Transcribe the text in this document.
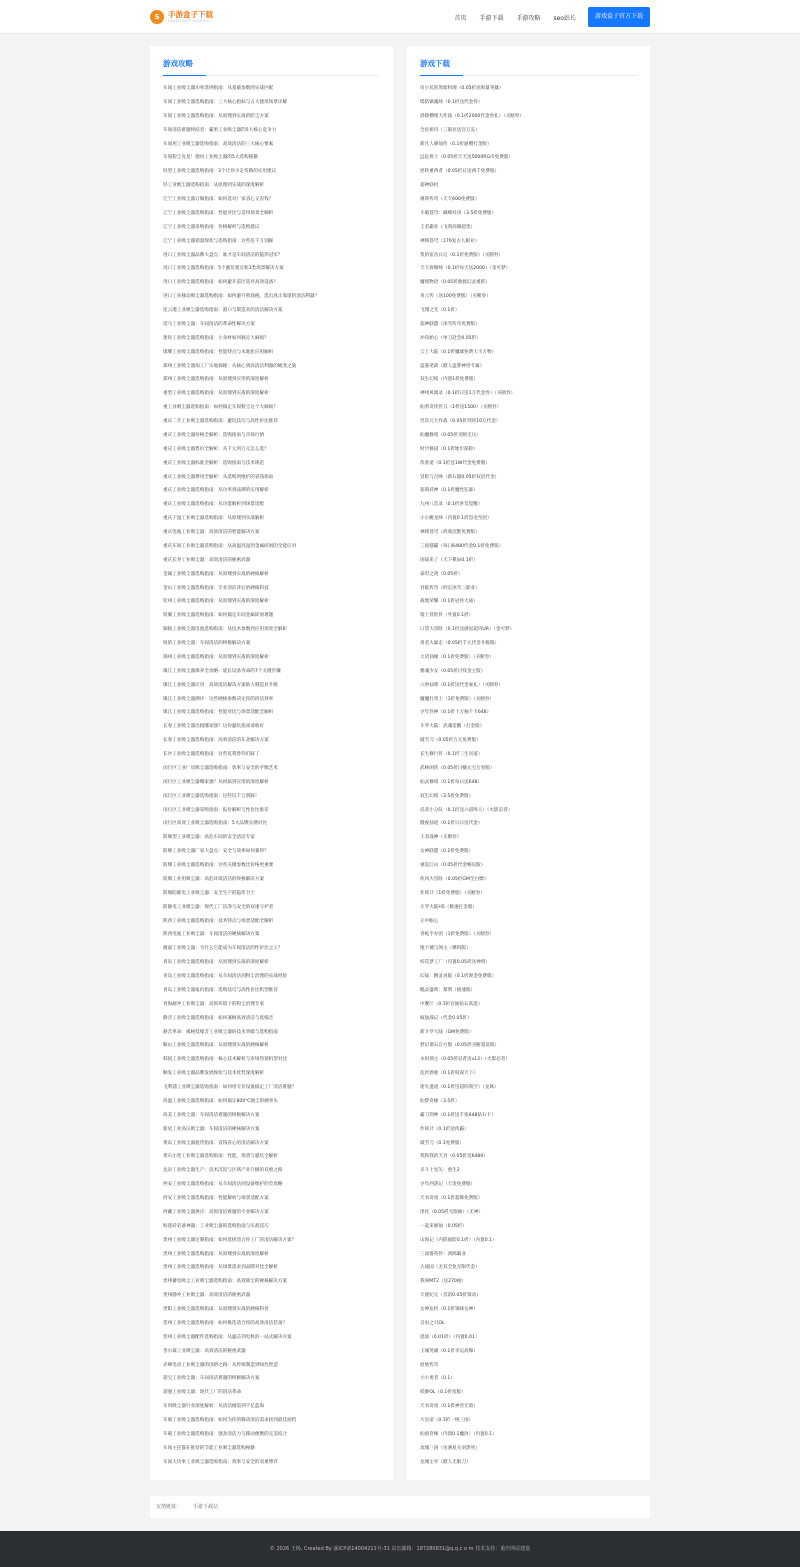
S	手游盒子下载
GAME APP MOBILE	首页 手游下载 手游攻略 seo站长	游戏盒子官方下载
游戏攻略
车间工业吸尘器功率选择指南：从基础参数到实战匹配
车间工业吸尘器选购指南：三大核心指标与五大使用场景详解
车间工业吸尘器选购指南：从原理到实战的防尘方案
车间清洁难题终结者：霸果工业吸尘器的5大核心竞争力
车间用工业吸尘器选购指南：高效清洁的三大核心要素
车间粉尘克星！德风工业吸尘器的5大选购秘籍
轻型工业吸尘器选购指南：3个让你少走弯路的实用建议
轻工业吸尘器选购指南：从原理到实战的深度解析
辽宁工业吸尘器订做指南：如何选对厂家省心又省钱？
辽宁工业吸尘器选购指南：性能对比与适用场景全解析
辽宁工业吸尘器采购指南：价格解析与选购建议
辽宁工业吸尘器销量现状与选购指南：这些坑千万别踩
进口工业吸尘器品牌大盘点：谁才是车间清洁的隐形冠军？
进口工业吸尘器选购指南：5个避坑要点和3类场景解决方案
进口工业吸尘器选购指南：如何避开雷区选对高效设备？
进口工业移动吸尘器选购指南：如何避开智商税，选出真正靠谱的清洁利器？
连云港工业吸尘器选购指南：港口与制造业的清洁解决方案
适马工业吸尘器：车间清洁的革命性解决方案
迷你工业吸尘器选购指南：小身材如何搞定大麻烦？
邯郸工业吸尘器选购指南：性能特点与本地化应用解析
郑州工业吸尘器加工厂实地探秘：从核心到高清洁利器的蜕变之旅
郑州工业吸尘器选购指南：从原理到应用的深度解析
重型工业吸尘器选购指南：从原理到实战的深度解析
重工业吸尘器选购指南：如何搞定车间粉尘这个大麻烦？
重庆二手工业吸尘器选购指南：避坑技巧与高性价比推荐
重庆工业吸尘器价格全解析：选购指南与市场行情
重庆工业吸尘器售价全解析：从千元到万元怎么选？
重庆工业吸尘器标准全解析：选购指南与技术规范
重庆工业吸尘器费用全解析：从选购到维护的省钱指南
重庆工业吸尘器选购指南：从功率到品牌的实用解析
重庆工业吸尘器选购指南：从功能解析到场景适配
重庆干湿工业吸尘器选购指南：从原理到实战解析
重庆电瓶工业吸尘器：高效清洁的智能解决方案
重庆车间工业吸尘器选购指南：从高温高湿到金属碎屑的全能应对
重庆长寿工业吸尘器：高效清洁的秘密武器
金属工业吸尘器选购指南：从原理到实战的硬核解析
金山工业吸尘器选购指南：专业清洁背后的硬核科技
钦州工业吸尘器选购指南：从原理到实战的深度解析
铁翼工业吸尘器选购指南：如何搞定车间金属碎屑难题
铜陵工业吸尘器电池选购指南：从技术参数到应用场景全解析
锐的工业吸尘器：车间清洁的终极解决方案
锦州工业吸尘器选购指南：从原理到实战的深度解析
镇江工业吸尘器保养全攻略：延长设备寿命的7个关键步骤
镇江工业吸尘器应用：高效清洁解决方案助力制造业升级
镇江工业吸尘器测评：这些硬核参数决定你的清洁效率
镇江工业吸尘器选购指南：性能对比与场景适配全解析
长春工业吸尘器出租哪家强？这份避坑指南请收好
长春工业吸尘器选购指南：高效清洁的东北解决方案
长沙工业吸尘器选购指南：这些坑我替你们踩了
闵行区工业厂房吸尘器选购指南：效率与安全的平衡艺术
闵行区工业吸尘器哪家强？从材质到应用的深度解析
闵行区工业吸尘器选购指南：这些坑千万别踩！
闵行区工业吸尘器采购指南：报价解析与性价比推荐
闵行区高效工业吸尘器选购指南：5大品牌实测对比
防爆型工业吸尘器：高危车间的安全清洁专家
防爆工业吸尘器厂家大盘点：安全与效率如何兼得？
防爆工业吸尘器选购指南：这些关键参数比价格更重要
防爆工业用吸尘器：高危环境清洁的终极解决方案
防爆防静电工业吸尘器：安全生产的隐形卫士
防静电工业吸尘器：现代工厂洁净与安全的双重守护者
陕西工业吸尘器选购指南：技术特点与场景适配全解析
陕西电瓶工业吸尘器：车间清洁的硬核解决方案
隆面工业吸尘器：为什么它能成为车间清洁的性价比之王？
青岛工业吸尘器选购指南：从原理到实战的深度解析
青岛工业吸尘器选购指南：从车间清洁到粉尘治理的实战经验
青岛工业吸尘器报价指南：选购技巧与高性价比机型推荐
青海耐冲工业吸尘器：高原环境下的粉尘治理专家
静音工业吸尘器选购指南：如何兼顾高效清洁与低噪音
静音革命：揭秘低噪音工业吸尘器的技术突破与选购指南
鞍山工业吸尘器选购指南：从原理到实战的硬核解析
韩国工业吸尘器选购指南：核心技术解析与市场热销机型对比
顺发工业吸尘器品牌发展现状与技术优势深度解析
飞利浦工业吸尘器选购指南：如何用专业设备搞定工厂清洁难题？
高温工业吸尘器选购指南：如何搞定800℃烟尘的硬骨头
高美工业吸尘器：车间清洁难题的终极解决方案
新星工业高压吸尘器：车间清洁的硬核解决方案
黄岛工业吸尘器租赁指南：省钱省心的清洁解决方案
黄石小型工业吸尘器选购指南：性能、场景与避坑全解析
龙岩工业吸尘器生产：技术沉淀与区域产业升级的双重之路
西安工业吸尘器选购指南：从车间清洁到设备维护的全攻略
西安工业吸尘器选购指南：性能解析与场景适配方案
西藏工业吸尘器供应：高原清洁难题的专业解决方案
贴瓷砖必备神器：工业吸尘器的选购指南与实战技巧
贵州工业吸尘器定制指南：如何选择适合你工厂的清洁解决方案？
贵州工业吸尘器选购指南：从原理到实战的深度解析
贵州工业吸尘器选购指南：从场景需求到品牌对比全解析
贵州蓄电吸尘工业吸尘器选购指南：高效除尘的硬核解决方案
贵州静冲工业吸尘器：高效清洁的秘密武器
贵阳工业吸尘器选购指南：从原理到实战的硬核科普
贺州工业吸尘器选购指南：如何挑选适合你的高效清洁装备？
贺州工业吸尘器配件选购指南：从滤芯到电机的一站式解决方案
善尔森工业吸尘器：高效清洁的秘密武器
赤峰电动工业吸尘器的创新之路：从传统制造到绿色智造
超宝工业吸尘器：车间清洁难题的终极解决方案
超强工业吸尘器：现代工厂的清洁革命
车用吸尘器行业深度解析：从清洁刚需到千亿蓝海
车载工业吸尘器选购指南：如何为你的移动清洁需求找到最佳拍档
车载工业吸尘器选购指南：强劲清洁力与移动便携的完美结合
车间主任都在推荐的节能工业吸尘器选购秘籍
车间大功率工业吸尘器选购指南：效率与安全的双重博弈
游戏下载
史小坑的黑暗料理（0.05折送海量英雄）
塔防镇魂师（0.1折送代金券）
消除横埋大作战（0.1折2000代金券礼）（买断券）
全民祖玛（三职业送百万充）
新凡人修仙传（0.1折通赠打金版）
远征将士（0.05折天天送5000RG币免费版）
逆转重西者（0.05折日送两千免费版）
超神联机
薄荷传奇（天天600免费版）
斗破苍穹：巅峰对决（3.5折免费版）
王者霸业（飞剑高爆超变）
神域苍穹（176复古九职业）
我的宿舍日记（0.1折免费版）（买断券）
天天拆爆师（0.1折每天送2000）（金可梦）
魔境物语（0.05折救救幻灵重抓）
青云传（送100免费版）（买断券）
飞翔之光（0.1折）
超神联盟（冰雪传奇免费版）
冲向始心（单刀赴会0.05折）
云上大陆（0.1折魔球免费大卡万物）
盗墓笔薛（默人盗梦神兽专属）
双生幻境（内置1折免费版）
神州风闻录（0.1折日送1万代金券）（买断券）
仙剑奇侠传五（1折送1500）（买断券）
异次元大作战（0.05折剑侠10万代金）
仙魔修境（0.05折买断无压）
时空修道（0.1折地牢探险）
侠客道（0.1折送1W代金免费版）
冒险与召唤（新石器0.05折双倍代金）
超萌武神（0.1折魔性狂暴）
九州八荒录（0.1折洪荒觉醒）
小小跳龙师（内置0.1折恐龙至团）
神域苍穹（鸿蒙沉默免费版）
三国擂霸（每日6480代金0.1折免费版）
国战来了（天下棋局0.1折）
泰坦之剑（0.05折）
君临传奇（约定冰雪三职业）
战地荣耀（0.1折冠亮大战）
骑士冒险传（外置0.1折）
口袋大冒险（0.1折送满星超闪UR）（金可梦）
勇者大暴走（0.05折千元代金升级版）
大话仙缘（0.1折免费版）（买断券）
雅魂少女（0.05折讨伐金主版）
六界仙尊（0.1折送代金豪礼）（买断券）
魔魔打勇士（1折免费版）（买断券）
少年封神（0.1折十万抽千卡648）
斗罗大陆：武魂觉醒（打金版）
破雪刀（0.05折万元免费版）
长生修行传（0.1折三生问道）
武林闲侠（0.05折日赚元宝万券版）
仙灵修境（0.1折每日送648）
双生幻境（3.5折免费版）
忍者小分队（0.1折送六道鸣人）（火影忍者）
傲视仙途（0.1折日日送代金）
王者战神（买断券）
女神联盟（0.1折免费版）
重返江山（0.05折代金畅玩版）
疾风大冒险（0.05折GM全白嫖）
作妖计（1折免费版）（买断券）
斗罗大陆H5（极速打金版）
正中眼心
青蛇手办团（1折免费版）（买断券）
地下城与领主（爆料版）
校花梦工厂（内置0.05折送神将）
幻战：精灵再临（0.1折现金免费版）
幅灵盛典：黎明（极速版）
中餐厅（0.1折百抽钻石高返）
疯仙战记（代金0.05折）
新斗罗大陆（GM免费版）
梦幻诸石官方版（0.05折买断超返版）
永恒领主（0.05折忍者送v12）（火影忍者）
乱世逐鹿（0.1折权谋天下）
迷失遗迹（0.1折送超四领空）（龙珠）
仙梦奇缘（3.5折）
霸刀剑神（0.1折送千张648钻石卡）
作妖计（0.1折送伙霸）
破雪刀（0.1免费版）
我和我的天宫（0.05折送6480）
圣斗士星矢：重生2
少年西游记（天金免费版）
天书奇谈（0.1折超爆免费版）
净化（0.05折无限抽）（无神）
一起来修仙（0.05折）
山海记（内嵌福防0.1折）（内置0.1）
三国群英传：鸿鹄霸业
大战国（无双全免无限代金）
我叫MT2（送270抽）
天使纪元（首款0.05折领动）
女神危机（0.1折领咪女神）
自由之刃OL
思仙（0.01折）（内置0.01）
王城英雄（0.1折幸运高爆）
原始传奇
小小勇者（0.1）
妖姬OL（0.1折扣版）
天书奇谈（0.1折神兽无骑）
大皇帝（0.1折一统三国）
仙国奇缘（内置0.1魔改）（内置0.1）
攻城三国（送满星关羽黑死）
龙城主宰（默人无限刀）
友情链接： 手游下载站
© 2026 王杨, Created By 渝ICP备14004211号-31 站长邮箱：197280831@q.q.c o m 技术支持：重庆网站建设
